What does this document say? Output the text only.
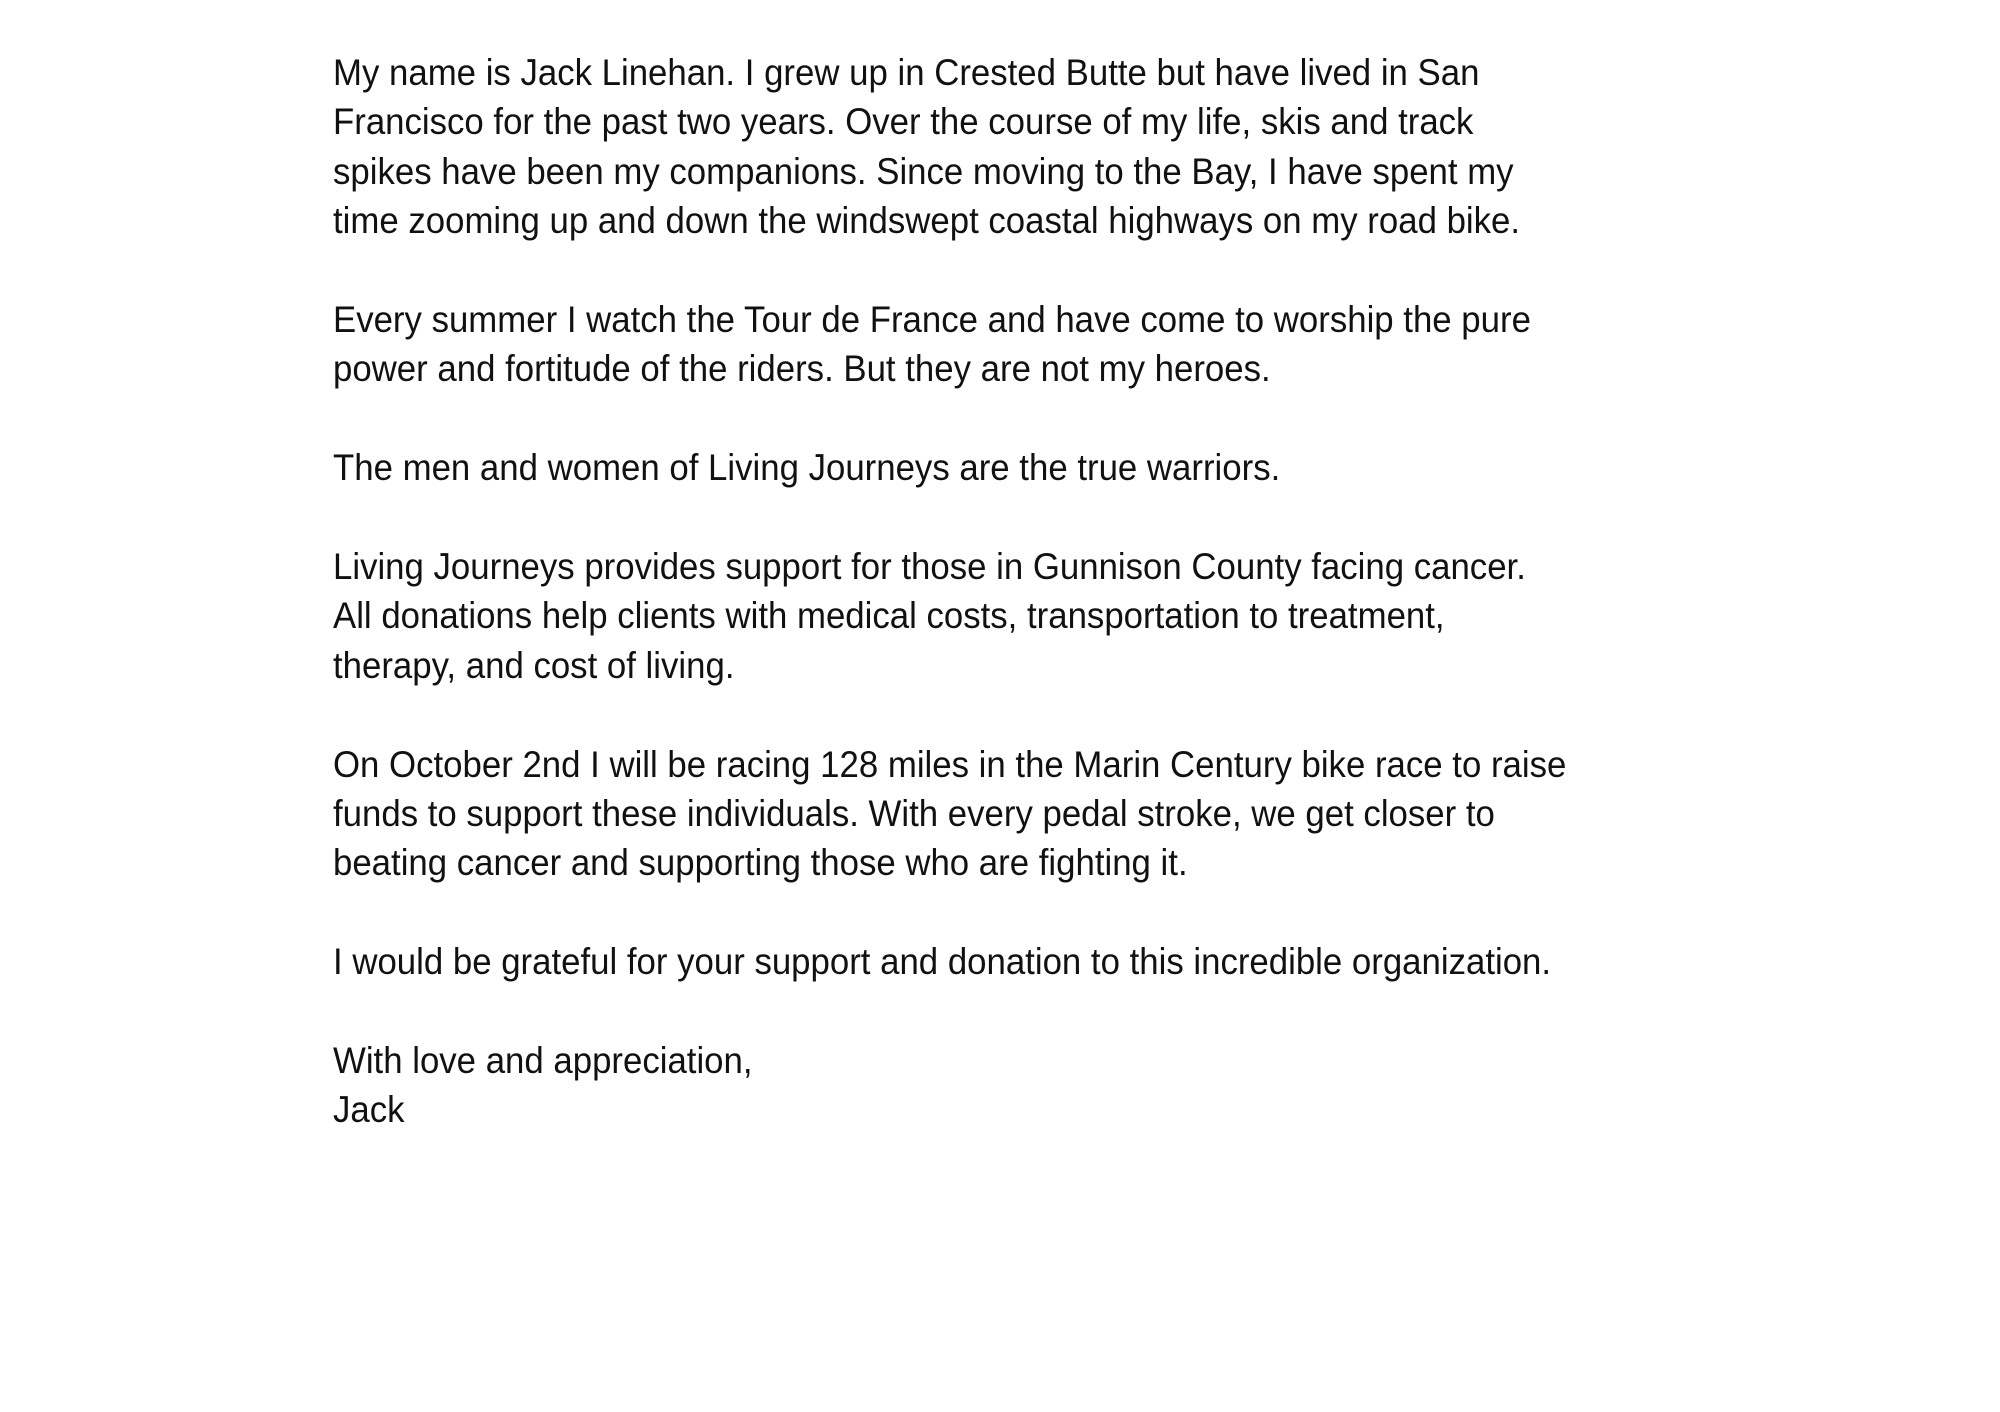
My name is Jack Linehan. I grew up in Crested Butte but have lived in San
Francisco for the past two years. Over the course of my life, skis and track
spikes have been my companions. Since moving to the Bay, I have spent my
time zooming up and down the windswept coastal highways on my road bike.

Every summer I watch the Tour de France and have come to worship the pure
power and fortitude of the riders. But they are not my heroes.

The men and women of Living Journeys are the true warriors.

Living Journeys provides support for those in Gunnison County facing cancer.
All donations help clients with medical costs, transportation to treatment,
therapy, and cost of living.

On October 2nd I will be racing 128 miles in the Marin Century bike race to raise
funds to support these individuals. With every pedal stroke, we get closer to
beating cancer and supporting those who are fighting it.

I would be grateful for your support and donation to this incredible organization.

With love and appreciation,
Jack
